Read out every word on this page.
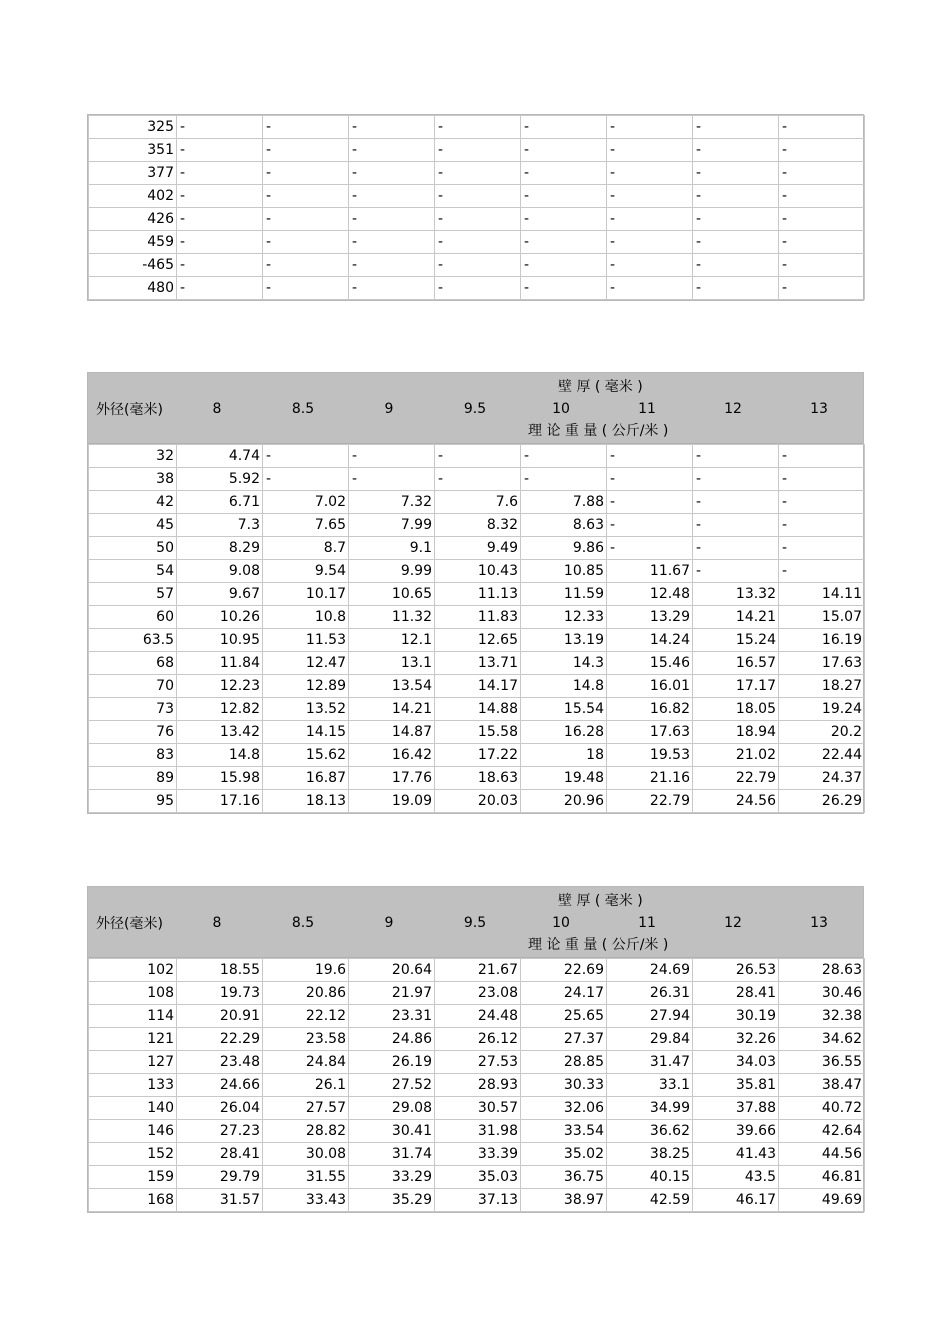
325	-	-	-	-	-	-	-	-
351	-	-	-	-	-	-	-	-
377	-	-	-	-	-	-	-	-
402	-	-	-	-	-	-	-	-
426	-	-	-	-	-	-	-	-
459	-	-	-	-	-	-	-	-
-465	-	-	-	-	-	-	-	-
480	-	-	-	-	-	-	-	-
壁 厚 ( 毫米 )
外径(毫米)	8	8.5	9	9.5	10	11	12	13
理 论 重 量 ( 公斤/米 )
32	4.74	-	-	-	-	-	-	-
38	5.92	-	-	-	-	-	-	-
42	6.71	7.02	7.32	7.6	7.88	-	-	-
45	7.3	7.65	7.99	8.32	8.63	-	-	-
50	8.29	8.7	9.1	9.49	9.86	-	-	-
54	9.08	9.54	9.99	10.43	10.85	11.67	-	-
57	9.67	10.17	10.65	11.13	11.59	12.48	13.32	14.11
60	10.26	10.8	11.32	11.83	12.33	13.29	14.21	15.07
63.5	10.95	11.53	12.1	12.65	13.19	14.24	15.24	16.19
68	11.84	12.47	13.1	13.71	14.3	15.46	16.57	17.63
70	12.23	12.89	13.54	14.17	14.8	16.01	17.17	18.27
73	12.82	13.52	14.21	14.88	15.54	16.82	18.05	19.24
76	13.42	14.15	14.87	15.58	16.28	17.63	18.94	20.2
83	14.8	15.62	16.42	17.22	18	19.53	21.02	22.44
89	15.98	16.87	17.76	18.63	19.48	21.16	22.79	24.37
95	17.16	18.13	19.09	20.03	20.96	22.79	24.56	26.29
壁 厚 ( 毫米 )
外径(毫米)	8	8.5	9	9.5	10	11	12	13
理 论 重 量 ( 公斤/米 )
102	18.55	19.6	20.64	21.67	22.69	24.69	26.53	28.63
108	19.73	20.86	21.97	23.08	24.17	26.31	28.41	30.46
114	20.91	22.12	23.31	24.48	25.65	27.94	30.19	32.38
121	22.29	23.58	24.86	26.12	27.37	29.84	32.26	34.62
127	23.48	24.84	26.19	27.53	28.85	31.47	34.03	36.55
133	24.66	26.1	27.52	28.93	30.33	33.1	35.81	38.47
140	26.04	27.57	29.08	30.57	32.06	34.99	37.88	40.72
146	27.23	28.82	30.41	31.98	33.54	36.62	39.66	42.64
152	28.41	30.08	31.74	33.39	35.02	38.25	41.43	44.56
159	29.79	31.55	33.29	35.03	36.75	40.15	43.5	46.81
168	31.57	33.43	35.29	37.13	38.97	42.59	46.17	49.69
